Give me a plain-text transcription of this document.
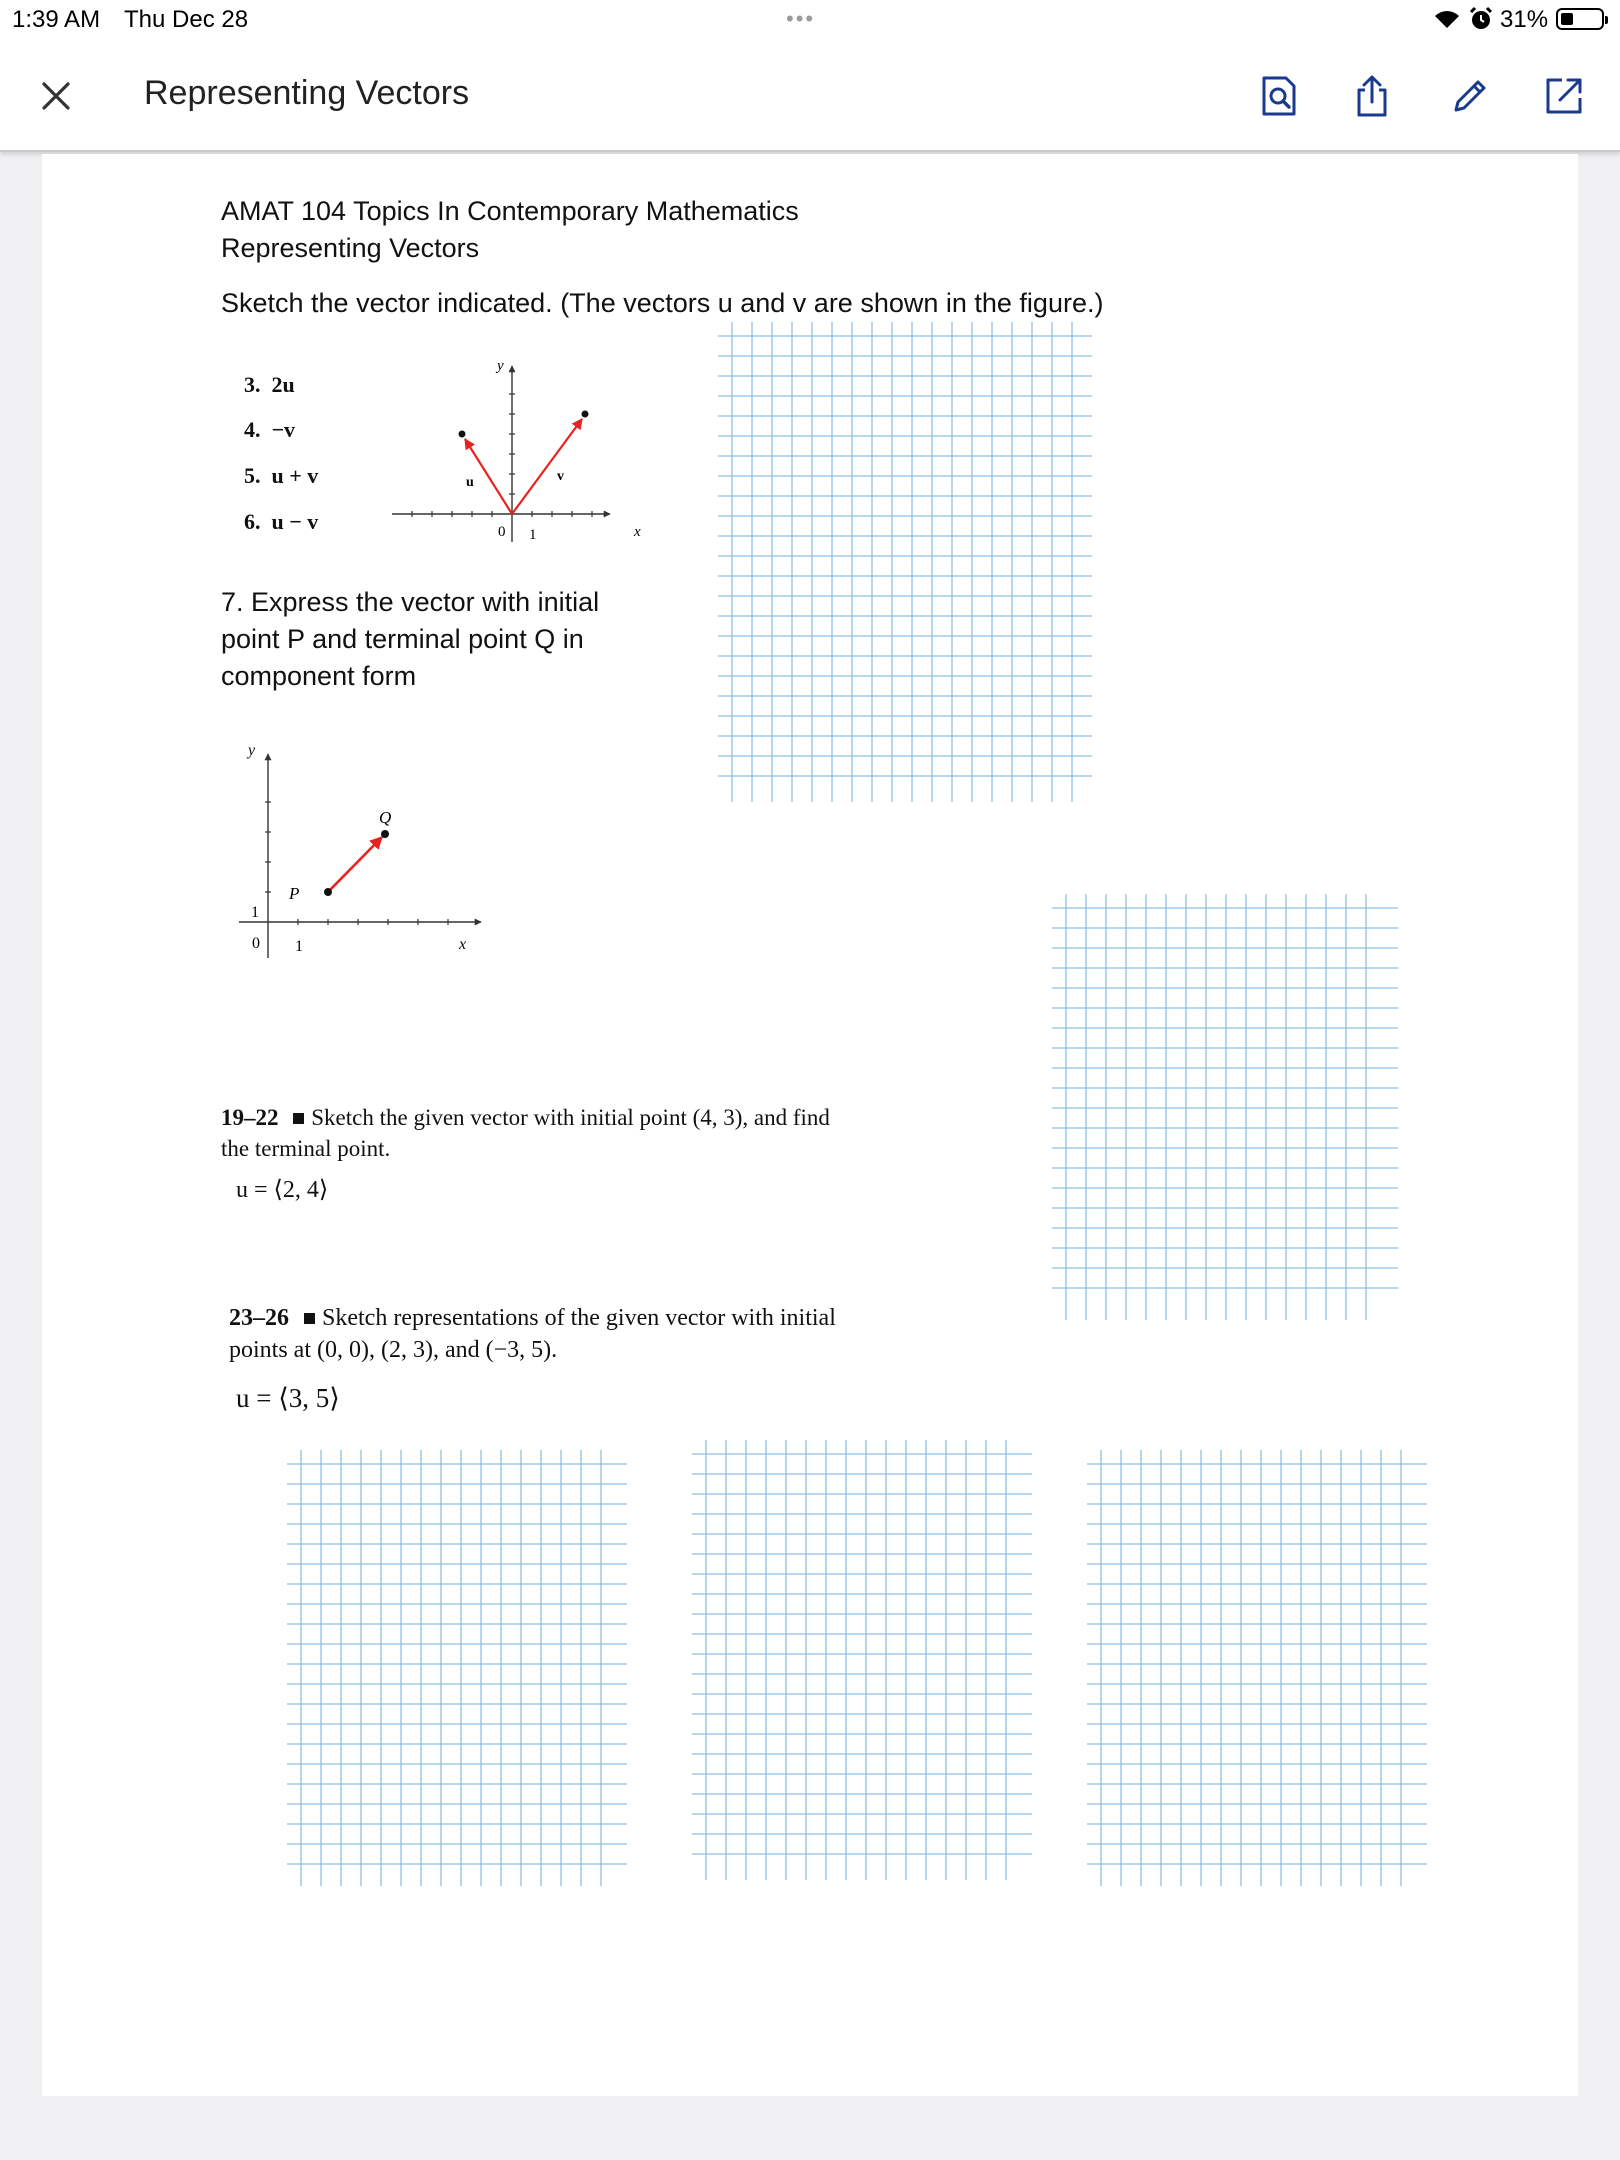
1:39 AM Thu Dec 28	•••	31%
Representing Vectors
AMAT 104 Topics In Contemporary Mathematics
Representing Vectors
Sketch the vector indicated. (The vectors u and v are shown in the figure.)
3. 2u
4. −v
5. u + v
6. u − v
y
x
0 1
u	v
7. Express the vector with initial point P and terminal point Q in component form
1
0 1
P
Q
x
y
19–22 Sketch the given vector with initial point (4, 3), and find
the terminal point.
u = ⟨2, 4⟩
23–26 Sketch representations of the given vector with initial
points at (0, 0), (2, 3), and (−3, 5).
u = ⟨3, 5⟩
